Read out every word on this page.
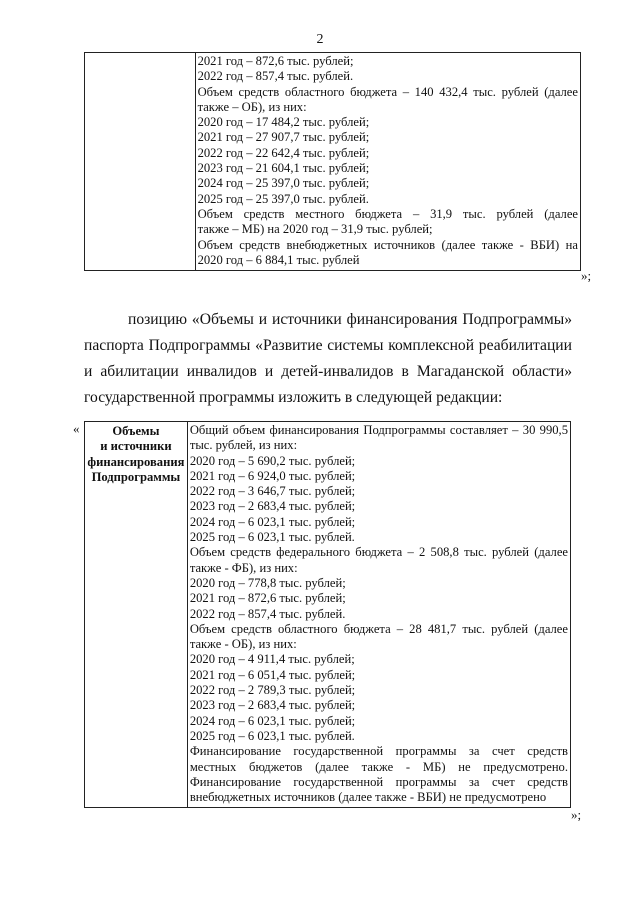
2

2021 год – 872,6 тыс. рублей;
2022 год – 857,4 тыс. рублей.
Объем средств областного бюджета – 140 432,4 тыс. рублей (далее
также – ОБ), из них:
2020 год – 17 484,2 тыс. рублей;
2021 год – 27 907,7 тыс. рублей;
2022 год – 22 642,4 тыс. рублей;
2023 год – 21 604,1 тыс. рублей;
2024 год – 25 397,0 тыс. рублей;
2025 год – 25 397,0 тыс. рублей.
Объем средств местного бюджета – 31,9 тыс. рублей (далее
также – МБ) на 2020 год – 31,9 тыс. рублей;
Объем средств внебюджетных источников (далее также - ВБИ) на
2020 год – 6 884,1 тыс. рублей
»;
позицию «Объемы и источники финансирования Подпрограммы»
паспорта Подпрограммы «Развитие системы комплексной реабилитации
и абилитации инвалидов и детей-инвалидов в Магаданской области»
государственной программы изложить в следующей редакции:
«	Объемы
и источники
финансирования
Подпрограммы

Общий объем финансирования Подпрограммы составляет – 30 990,5
тыс. рублей, из них:
2020 год – 5 690,2 тыс. рублей;
2021 год – 6 924,0 тыс. рублей;
2022 год – 3 646,7 тыс. рублей;
2023 год – 2 683,4 тыс. рублей;
2024 год – 6 023,1 тыс. рублей;
2025 год – 6 023,1 тыс. рублей.
Объем средств федерального бюджета – 2 508,8 тыс. рублей (далее
также - ФБ), из них:
2020 год – 778,8 тыс. рублей;
2021 год – 872,6 тыс. рублей;
2022 год – 857,4 тыс. рублей.
Объем средств областного бюджета – 28 481,7 тыс. рублей (далее
также - ОБ), из них:
2020 год – 4 911,4 тыс. рублей;
2021 год – 6 051,4 тыс. рублей;
2022 год – 2 789,3 тыс. рублей;
2023 год – 2 683,4 тыс. рублей;
2024 год – 6 023,1 тыс. рублей;
2025 год – 6 023,1 тыс. рублей.
Финансирование государственной программы за счет средств
местных бюджетов (далее также - МБ) не предусмотрено.
Финансирование государственной программы за счет средств
внебюджетных источников (далее также - ВБИ) не предусмотрено
»;
